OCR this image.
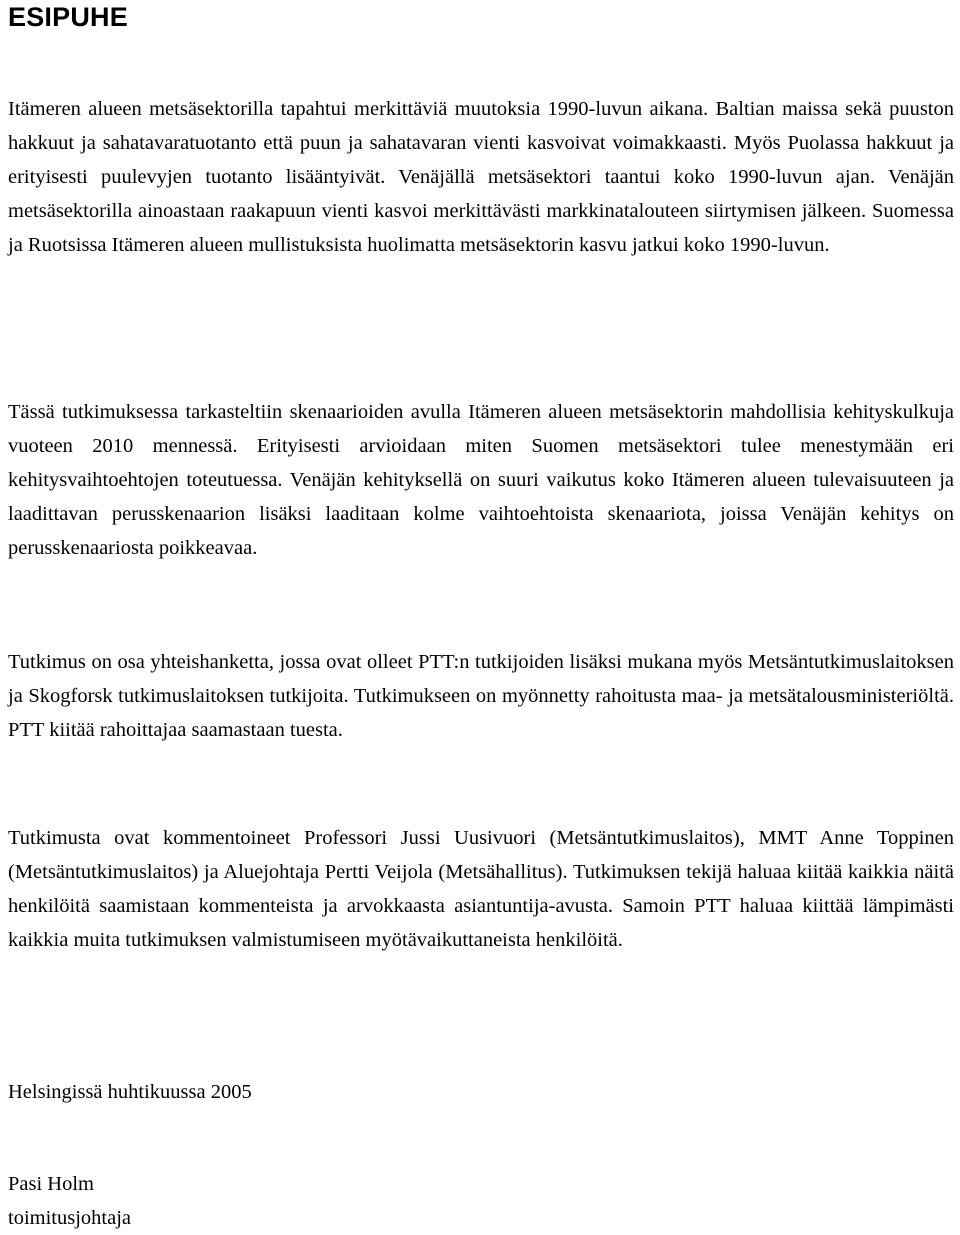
ESIPUHE

Itämeren alueen metsäsektorilla tapahtui merkittäviä muutoksia 1990-luvun aikana. Baltian maissa sekä puuston hakkuut ja sahatavaratuotanto että puun ja sahatavaran vienti kasvoivat voimakkaasti. Myös Puolassa hakkuut ja erityisesti puulevyjen tuotanto lisääntyivät. Venäjällä metsäsektori taantui koko 1990-luvun ajan. Venäjän metsäsektorilla ainoastaan raakapuun vienti kasvoi merkittävästi markkinatalouteen siirtymisen jälkeen. Suomessa ja Ruotsissa Itämeren alueen mullistuksista huolimatta metsäsektorin kasvu jatkui koko 1990-luvun.

Tässä tutkimuksessa tarkasteltiin skenaarioiden avulla Itämeren alueen metsäsektorin mahdollisia kehityskulkuja vuoteen 2010 mennessä. Erityisesti arvioidaan miten Suomen metsäsektori tulee menestymään eri kehitysvaihtoehtojen toteutuessa. Venäjän kehityksellä on suuri vaikutus koko Itämeren alueen tulevaisuuteen ja laadittavan perusskenaarion lisäksi laaditaan kolme vaihtoehtoista skenaariota, joissa Venäjän kehitys on perusskenaariosta poikkeavaa.

Tutkimus on osa yhteishanketta, jossa ovat olleet PTT:n tutkijoiden lisäksi mukana myös Metsäntutkimuslaitoksen ja Skogforsk tutkimuslaitoksen tutkijoita. Tutkimukseen on myönnetty rahoitusta maa- ja metsätalousministeriöltä. PTT kiitää rahoittajaa saamastaan tuesta.

Tutkimusta ovat kommentoineet Professori Jussi Uusivuori (Metsäntutkimuslaitos), MMT Anne Toppinen (Metsäntutkimuslaitos) ja Aluejohtaja Pertti Veijola (Metsähallitus). Tutkimuksen tekijä haluaa kiitää kaikkia näitä henkilöitä saamistaan kommenteista ja arvokkaasta asiantuntija-avusta. Samoin PTT haluaa kiittää lämpimästi kaikkia muita tutkimuksen valmistumiseen myötävaikuttaneista henkilöitä.

Helsingissä huhtikuussa 2005

Pasi Holm

toimitusjohtaja
